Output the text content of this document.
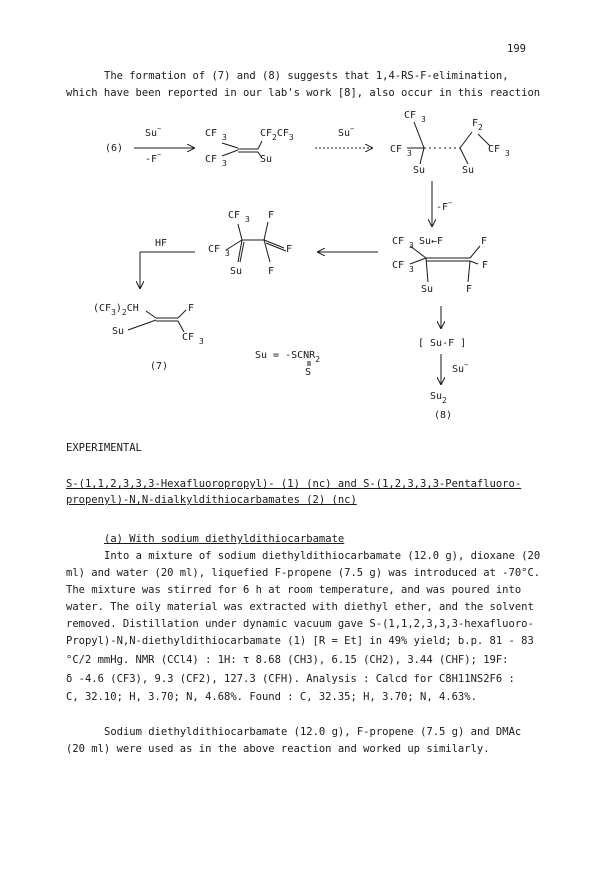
199
The formation of (7) and (8) suggests that 1,4-RS-F-elimination,
which have been reported in our lab's work [8], also occur in this reaction
(6)
Su−
-F−
CF 3	$CF_2CF_3$
CF 3	Su
Su−
CF 3	$F_2$
CF 3	CF 3
Su	Su
-F−
CF 3 Su←F	F
CF 3	F
Su	F
CF 3 F
CF 3	F
Su	F
HF
$(CF_3)_2CH$	F
Su
CF 3
(7)
$Su = -SCNR_2$
S
[ Su-F ]
Su−
$Su_2$
(8)
EXPERIMENTAL
S-(1,1,2,3,3,3-Hexafluoropropyl)- (1) (nc) and S-(1,2,3,3,3-Pentafluoro-
propenyl)-N,N-dialkyldithiocarbamates (2) (nc)
(a) With sodium diethyldithiocarbamate
Into a mixture of sodium diethyldithiocarbamate (12.0 g), dioxane (20
ml) and water (20 ml), liquefied F-propene (7.5 g) was introduced at -70°C.
The mixture was stirred for 6 h at room temperature, and was poured into
water. The oily material was extracted with diethyl ether, and the solvent
removed. Distillation under dynamic vacuum gave S-(1,1,2,3,3,3-hexafluoro-
Propyl)-N,N-diethyldithiocarbamate (1) [R = Et] in 49% yield; b.p. 81 - 83
°C/2 mmHg. NMR (CCl4) : 1H: τ 8.68 (CH3), 6.15 (CH2), 3.44 (CHF); 19F:
δ -4.6 (CF3), 9.3 (CF2), 127.3 (CFH). Analysis : Calcd for C8H11NS2F6 :
C, 32.10; H, 3.70; N, 4.68%. Found : C, 32.35; H, 3.70; N, 4.63%.
Sodium diethyldithiocarbamate (12.0 g), F-propene (7.5 g) and DMAc
(20 ml) were used as in the above reaction and worked up similarly.
